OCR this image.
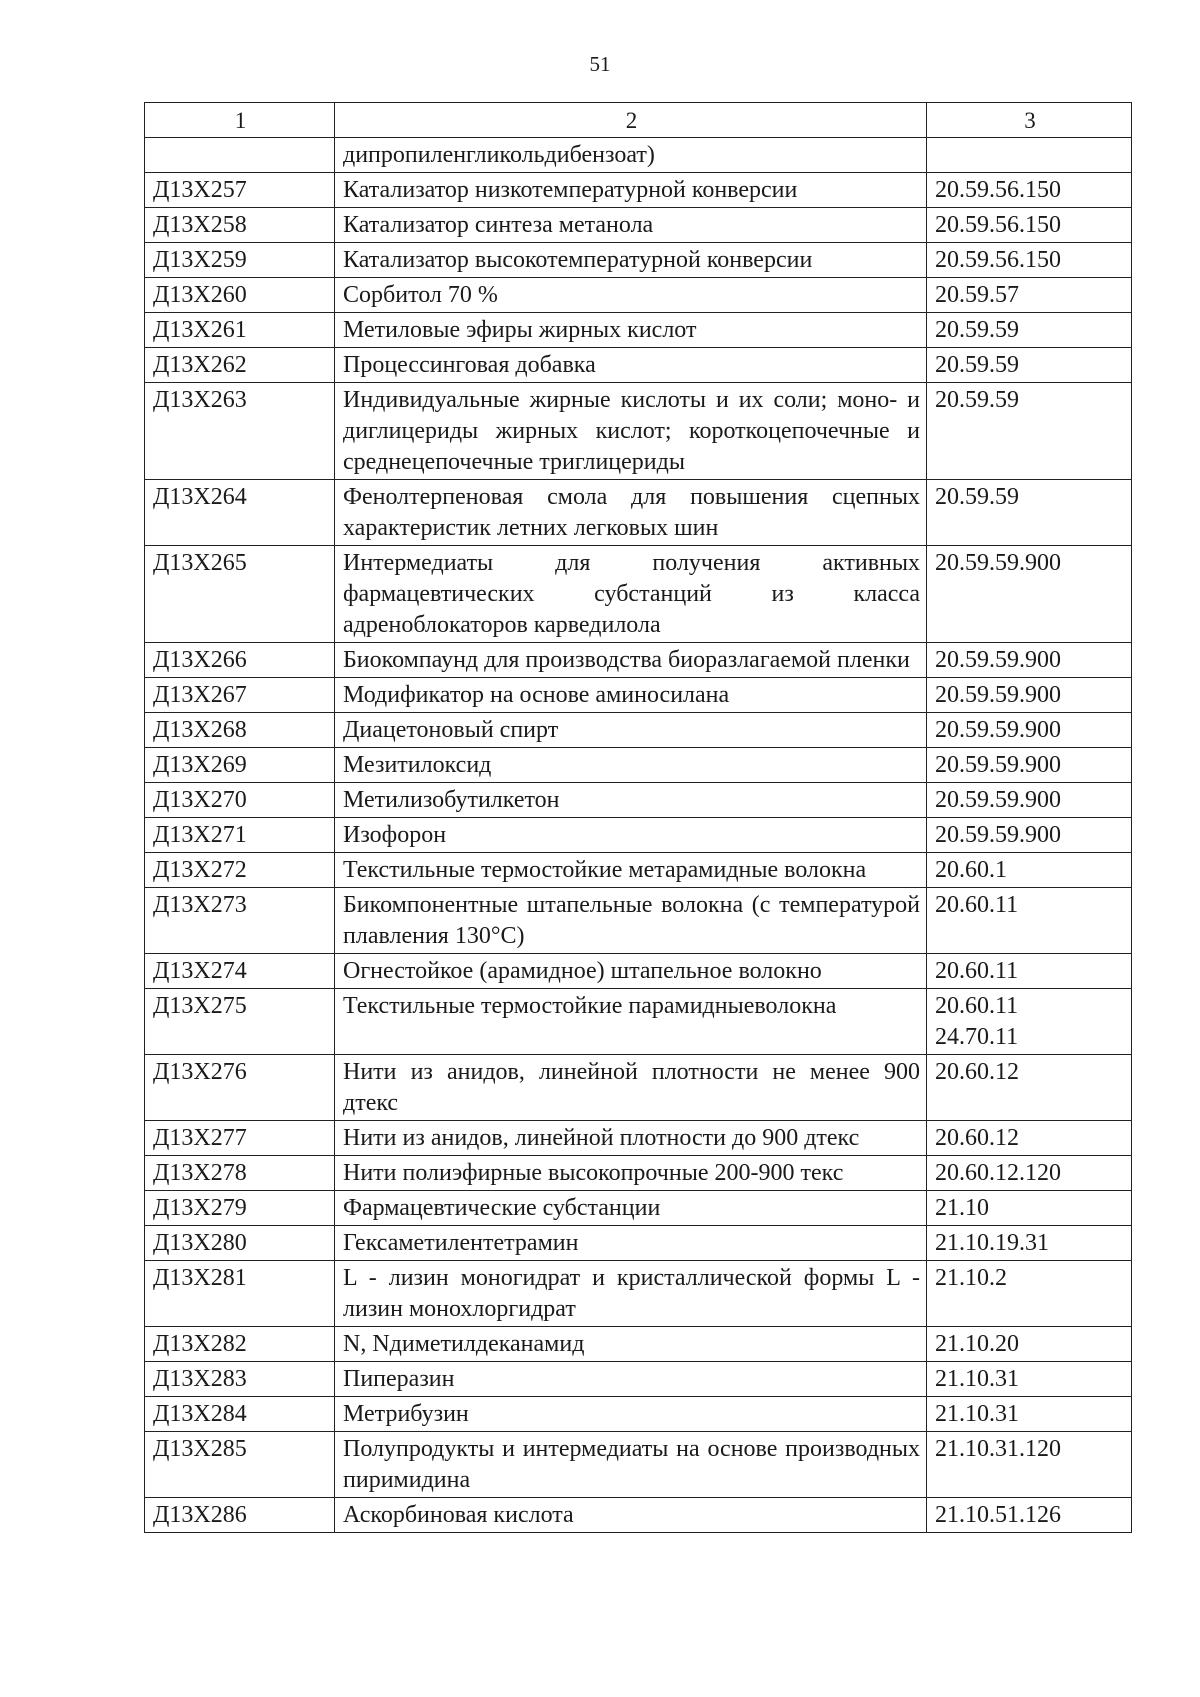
51
1	2	3
	дипропиленгликольдибензоат)	

Д13Х257	Катализатор низкотемпературной конверсии	20.59.56.150

Д13Х258	Катализатор синтеза метанола	20.59.56.150

Д13Х259	Катализатор высокотемпературной конверсии	20.59.56.150

Д13Х260	Сорбитол 70 %	20.59.57

Д13Х261	Метиловые эфиры жирных кислот	20.59.59

Д13Х262	Процессинговая добавка	20.59.59

Д13Х263	Индивидуальные жирные кислоты и их соли; моно- и диглицериды жирных кислот; короткоцепочечные и среднецепочечные триглицериды	20.59.59

Д13Х264	Фенолтерпеновая смола для повышения сцепных характеристик летних легковых шин	20.59.59

Д13Х265	Интермедиаты для получения активных фармацевтических субстанций из класса адреноблокаторов карведилола	20.59.59.900

Д13Х266	Биокомпаунд для производства биоразлагаемой пленки	20.59.59.900

Д13Х267	Модификатор на основе аминосилана	20.59.59.900

Д13Х268	Диацетоновый спирт	20.59.59.900

Д13Х269	Мезитилоксид	20.59.59.900

Д13Х270	Метилизобутилкетон	20.59.59.900

Д13Х271	Изофорон	20.59.59.900

Д13Х272	Текстильные термостойкие метарамидные волокна	20.60.1

Д13Х273	Бикомпонентные штапельные волокна (с температурой плавления 130°С)	20.60.11

Д13Х274	Огнестойкое (арамидное) штапельное волокно	20.60.11

Д13Х275	Текстильные термостойкие парамидныеволокна	20.60.11
24.70.11

Д13Х276	Нити из анидов, линейной плотности не менее 900 дтекс	20.60.12

Д13Х277	Нити из анидов, линейной плотности до 900 дтекс	20.60.12

Д13Х278	Нити полиэфирные высокопрочные 200-900 текс	20.60.12.120

Д13Х279	Фармацевтические субстанции	21.10

Д13Х280	Гексаметилентетрамин	21.10.19.31

Д13Х281	L - лизин моногидрат и кристаллической формы L - лизин монохлоргидрат	21.10.2

Д13Х282	N, Nдиметилдеканамид	21.10.20

Д13Х283	Пиперазин	21.10.31

Д13Х284	Метрибузин	21.10.31

Д13Х285	Полупродукты и интермедиаты на основе производных пиримидина	21.10.31.120

Д13Х286	Аскорбиновая кислота	21.10.51.126
